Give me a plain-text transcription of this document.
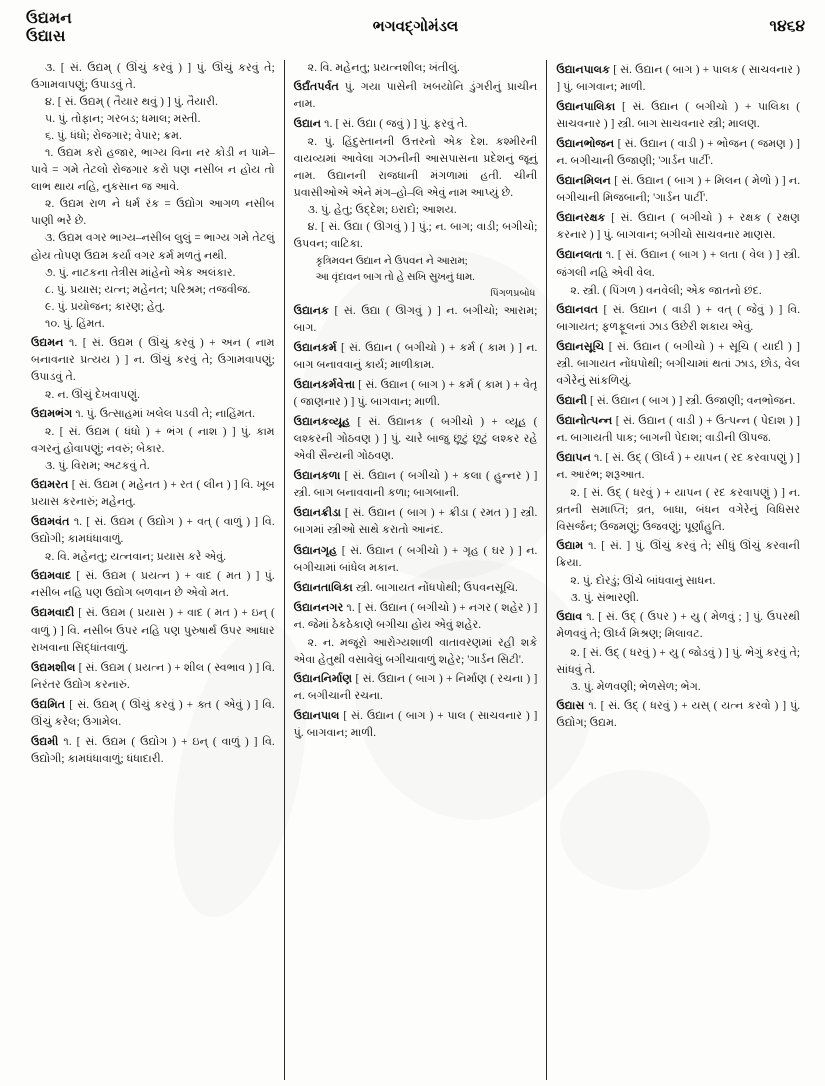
ઉદ્યમન
ઉદ્યાસ
ભગવદ્ગોમંડલ	૧૪૬૪

૩. [ સં. ઉદ્યમ્ ( ઊંચું કરવું ) ] પું. ઊંચું કરવું તે; ઉગામવાપણું; ઉપાડવું તે.

૪. [ સં. ઉદ્યમ્ ( તૈયાર થવું ) ] પું. તૈયારી.

૫. પું. તોફાન; ગરબડ; ધમાલ; મસ્તી.

૬. પું. ધંધો; રોજગાર; વેપાર; ક્રમ.

૧. ઉદ્યમ કરો હજાર, ભાગ્ય વિના નર કોડી ન પામે–પાવે = ગમે તેટલો રોજગાર કરો પણ નસીબ ન હોય તો લાભ થાય નહિ, નુકસાન જ આવે.

૨. ઉદ્યમ રાળ ને ધર્મ રંક = ઉદ્યોગ આગળ નસીબ પાણી ભરે છે.

૩. ઉદ્યમ વગર ભાગ્ય–નસીબ લુલું = ભાગ્ય ગમે તેટલું હોય તોપણ ઉદ્યમ કર્યા વગર કર્મ મળતું નથી.

૭. પું. નાટકના તેત્રીસ માંહેનો એક અલંકાર.

૮. પું. પ્રયાસ; યત્ન; મહેનત; પરિશ્રમ; તજવીજ.

૯. પું. પ્રયોજન; કારણ; હેતુ.

૧૦. પું. હિંમત.

ઉદ્યમન ૧. [ સં. ઉદ્યમ ( ઊંચું કરવું ) + અન ( નામ બનાવનાર પ્રત્યય ) ] ન. ઊંચું કરવું તે; ઉગામવાપણું; ઉપાડવું તે.

૨. ન. ઊંચું દેખવાપણું.

ઉદ્યમભંગ ૧. પું. ઉત્સાહમાં ખલેલ પડવી તે; નાહિંમત.

૨. [ સં. ઉદ્યમ ( ધંધો ) + ભંગ ( નાશ ) ] પું. કામ વગરનું હોવાપણું; નવરું; બેકાર.

૩. પું. વિરામ; અટકવું તે.

ઉદ્યમરત [ સં. ઉદ્યમ ( મહેનત ) + રત ( લીન ) ] વિ. ખૂબ પ્રયાસ કરનારું; મહેનતુ.

ઉદ્યમવંત ૧. [ સં. ઉદ્યમ ( ઉદ્યોગ ) + વત્ ( વાળું ) ] વિ. ઉદ્યોગી; કામધંધાવાળું.

૨. વિ. મહેનતુ; યત્નવાન; પ્રયાસ કરે એવું.

ઉદ્યમવાદ [ સં. ઉદ્યમ ( પ્રયત્ન ) + વાદ ( મત ) ] પું. નસીબ નહિ પણ ઉદ્યોગ બળવાન છે એવો મત.

ઉદ્યમવાદી [ સં. ઉદ્યમ ( પ્રયાસ ) + વાદ ( મત ) + ઇન્ ( વાળું ) ] વિ. નસીબ ઉપર નહિ પણ પુરુષાર્થ ઉપર આધાર રાખવાના સિદ્ધાંતવાળું.

ઉદ્યમશીલ [ સં. ઉદ્યમ ( પ્રયત્ન ) + શીલ ( સ્વભાવ ) ] વિ. નિરંતર ઉદ્યોગ કરનારું.

ઉદ્યમિત [ સં. ઉદ્યમ્ ( ઊંચું કરવું ) + ક્ત ( એવું ) ] વિ. ઊંચું કરેલ; ઉગામેલ.

ઉદ્યમી ૧. [ સં. ઉદ્યમ ( ઉદ્યોગ ) + ઇન્ ( વાળું ) ] વિ. ઉદ્યોગી; કામધંધાવાળું; ધંધાદારી.

૨. વિ. મહેનતુ; પ્રયત્નશીલ; ખંતીલું.

ઉર્દ્યંતપર્વત પું. ગયા પાસેની ખબયોનિ ડુંગરીનું પ્રાચીન નામ.

ઉદ્યાન ૧. [ સં. ઉદ્યા ( જવું ) ] પું. ફરવું તે.

૨. પું. હિંદુસ્તાનની ઉત્તરનો એક દેશ. કશ્મીરની વાયવ્યમાં આવેલા ગઝનીની આસપાસના પ્રદેશનું જૂનું નામ. ઉદ્યાનની રાજધાની મંગળામાં હતી. ચીની પ્રવાસીઓએ એને મંગ–હો–લિ એવું નામ આપ્યું છે.

૩. પું. હેતુ; ઉદ્દેશ; ઇરાદો; આશય.

૪. [ સં. ઉદ્યા ( ઊગવું ) ] પું.; ન. બાગ; વાડી; બગીચો; ઉપવન; વાટિકા.

કૃત્રિમવન ઉદ્યાન ને ઉપવન ને આરામ;

આ વૃંદાવન બાગ તો હે સખિ સુખનું ધામ.

પિંગળપ્રબોધ

ઉદ્યાનક [ સં. ઉદ્યા ( ઊગવું ) ] ન. બગીચો; આરામ; બાગ.

ઉદ્યાનકર્મ [ સં. ઉદ્યાન ( બગીચો ) + કર્મ ( કામ ) ] ન. બાગ બનાવવાનું કાર્ય; માળીકામ.

ઉદ્યાનકર્મવેત્તા [ સં. ઉદ્યાન ( બાગ ) + કર્મ ( કામ ) + વેતૃ ( જાણનાર ) ] પું. બાગવાન; માળી.

ઉદ્યાનકવ્યૂહ [ સં. ઉદ્યાનક ( બગીચો ) + વ્યૂહ ( લશ્કરની ગોઠવણ ) ] પું. ચારે બાજુ છૂટું છૂટું લશ્કર રહે એવી સૈન્યની ગોઠવણ.

ઉદ્યાનકળા [ સં. ઉદ્યાન ( બગીચો ) + કલા ( હુન્નર ) ] સ્ત્રી. બાગ બનાવવાની કળા; બાગબાની.

ઉદ્યાનક્રીડા [ સં. ઉદ્યાન ( બાગ ) + ક્રીડા ( રમત ) ] સ્ત્રી. બાગમાં સ્ત્રીઓ સાથે કરાતો આનંદ.

ઉદ્યાનગૃહ [ સં. ઉદ્યાન ( બગીચો ) + ગૃહ ( ઘર ) ] ન. બગીચામાં બાંધેલ મકાન.

ઉદ્યાનતાલિકા સ્ત્રી. બાગાયત નોંધપોથી; ઉપવનસૂચિ.

ઉદ્યાનનગર ૧. [ સં. ઉદ્યાન ( બગીચો ) + નગર ( શહેર ) ] ન. જેમાં ઠેકઠેકાણે બગીચા હોય એવું શહેર.

૨. ન. મજૂરો આરોગ્યશાળી વાતાવરણમાં રહી શકે એવા હેતુથી વસાવેલું બગીચાવાળું શહેર; 'ગાર્ડન સિટી'.

ઉદ્યાનનિર્માણ [ સં. ઉદ્યાન ( બાગ ) + નિર્માણ ( રચના ) ] ન. બગીચાની રચના.

ઉદ્યાનપાલ [ સં. ઉદ્યાન ( બાગ ) + પાલ ( સાચવનાર ) ] પું. બાગવાન; માળી.

ઉદ્યાનપાલક [ સં. ઉદ્યાન ( બાગ ) + પાલક ( સાચવનાર ) ] પું. બાગવાન; માળી.

ઉદ્યાનપાલિકા [ સં. ઉદ્યાન ( બગીચો ) + પાલિકા ( સાચવનાર ) ] સ્ત્રી. બાગ સાચવનાર સ્ત્રી; માલણ.

ઉદ્યાનભોજન [ સં. ઉદ્યાન ( વાડી ) + ભોજન ( જમણ ) ] ન. બગીચાની ઉજાણી; 'ગાર્ડન પાર્ટી'.

ઉદ્યાનમિલન [ સં. ઉદ્યાન ( બાગ ) + મિલન ( મેળો ) ] ન. બગીચાની મિજબાની; 'ગાર્ડન પાર્ટી'.

ઉદ્યાનરક્ષક [ સં. ઉદ્યાન ( બગીચો ) + રક્ષક ( રક્ષણ કરનાર ) ] પું. બાગવાન; બગીચો સાચવનાર માણસ.

ઉદ્યાનલતા ૧. [ સં. ઉદ્યાન ( બાગ ) + લતા ( વેલ ) ] સ્ત્રી. જંગલી નહિ એવી વેલ.

૨. સ્ત્રી. ( પિંગળ ) વનવેલી; એક જાતનો છંદ.

ઉદ્યાનવત [ સં. ઉદ્યાન ( વાડી ) + વત્ ( જેવું ) ] વિ. બાગાયત; ફળફૂલનાં ઝાડ ઉછેરી શકાય એવું.

ઉદ્યાનસૂચિ [ સં. ઉદ્યાન ( બગીચો ) + સૂચિ ( યાદી ) ] સ્ત્રી. બાગાયત નોંધપોથી; બગીચામાં થતાં ઝાડ, છોડ, વેલ વગેરેનું સાંકળિયું.

ઉદ્યાની [ સં. ઉદ્યાન ( બાગ ) ] સ્ત્રી. ઉજાણી; વનભોજન.

ઉદ્યાનોત્પન્ન [ સં. ઉદ્યાન ( વાડી ) + ઉત્પન્ન ( પેદાશ ) ] ન. બાગાયતી પાક; બાગની પેદાશ; વાડીની ઊપજ.

ઉદ્યાપન ૧. [ સં. ઉદ્ ( ઊર્ધ્વ ) + યાપન ( રદ કરવાપણું ) ] ન. આરંભ; શરૂઆત.

૨. [ સં. ઉદ્ ( ધરવું ) + યાપન ( રદ કરવાપણું ) ] ન. વ્રતની સમાપ્તિ; વ્રત, બાધા, બંધન વગેરેનું વિધિસર વિસર્જન; ઉજમણું; ઉજવણું; પૂર્ણાહુતિ.

ઉદ્યામ ૧. [ સં. ] પું. ઊંચું કરવું તે; સીધું ઊંચું કરવાની ક્રિયા.

૨. પું. દોરડું; ઊંચે બાંધવાનું સાધન.

૩. પું. સંભારણી.

ઉદ્યાવ ૧. [ સં. ઉદ્ ( ઉપર ) + યુ ( મેળવું ; ] પું. ઉપરથી મેળવવું તે; ઊર્ધ્વ મિશ્રણ; મિલાવટ.

૨. [ સં. ઉદ્ ( ધરવું ) + યુ ( જોડવું ) ] પું. ભેગું કરવું તે; સાંધવું તે.

૩. પું. મેળવણી; ભેળસેળ; ભેગ.

ઉદ્યાસ ૧. [ સં. ઉદ્ ( ધરવું ) + યસ્ ( યત્ન કરવો ) ] પું. ઉદ્યોગ; ઉદ્યમ.
